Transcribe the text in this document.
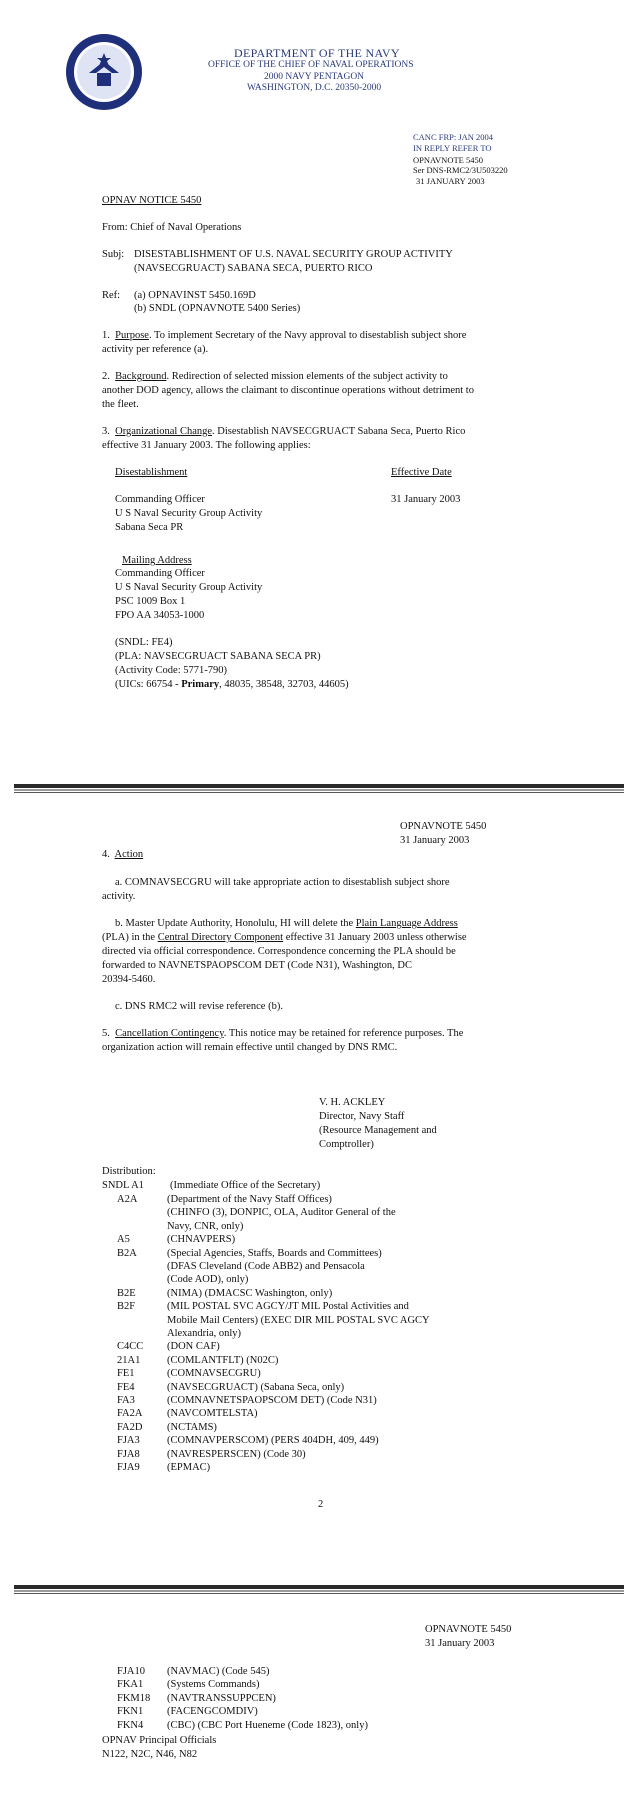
DEPARTMENT OF THE NAVY
OFFICE OF THE CHIEF OF NAVAL OPERATIONS
2000 NAVY PENTAGON
WASHINGTON, D.C. 20350-2000
CANC FRP: JAN 2004
IN REPLY REFER TO
OPNAVNOTE 5450
Ser DNS-RMC2/3U503220
31 JANUARY 2003
OPNAV NOTICE 5450
From: Chief of Naval Operations
Subj: DISESTABLISHMENT OF U.S. NAVAL SECURITY GROUP ACTIVITY
(NAVSECGRUACT) SABANA SECA, PUERTO RICO
Ref: (a) OPNAVINST 5450.169D
(b) SNDL (OPNAVNOTE 5400 Series)
1. Purpose. To implement Secretary of the Navy approval to disestablish subject shore
activity per reference (a).
2. Background. Redirection of selected mission elements of the subject activity to
another DOD agency, allows the claimant to discontinue operations without detriment to
the fleet.
3. Organizational Change. Disestablish NAVSECGRUACT Sabana Seca, Puerto Rico
effective 31 January 2003. The following applies:
Disestablishment	Effective Date
Commanding Officer
U S Naval Security Group Activity
Sabana Seca PR
31 January 2003
Mailing Address
Commanding Officer
U S Naval Security Group Activity
PSC 1009 Box 1
FPO AA 34053-1000
(SNDL: FE4)
(PLA: NAVSECGRUACT SABANA SECA PR)
(Activity Code: 5771-790)
(UICs: 66754 - Primary, 48035, 38548, 32703, 44605)
OPNAVNOTE 5450
31 January 2003
4. Action
a. COMNAVSECGRU will take appropriate action to disestablish subject shore
activity.
b. Master Update Authority, Honolulu, HI will delete the Plain Language Address
(PLA) in the Central Directory Component effective 31 January 2003 unless otherwise
directed via official correspondence. Correspondence concerning the PLA should be
forwarded to NAVNETSPAOPSCOM DET (Code N31), Washington, DC
20394-5460.
c. DNS RMC2 will revise reference (b).
5. Cancellation Contingency. This notice may be retained for reference purposes. The
organization action will remain effective until changed by DNS RMC.
V. H. ACKLEY
Director, Navy Staff
(Resource Management and
Comptroller)
Distribution:
SNDL A1 (Immediate Office of the Secretary)
A2A	(Department of the Navy Staff Offices)
(CHINFO (3), DONPIC, OLA, Auditor General of the
Navy, CNR, only)
A5	(CHNAVPERS)
B2A	(Special Agencies, Staffs, Boards and Committees)
(DFAS Cleveland (Code ABB2) and Pensacola
(Code AOD), only)
B2E	(NIMA) (DMACSC Washington, only)
B2F	(MIL POSTAL SVC AGCY/JT MIL Postal Activities and
Mobile Mail Centers) (EXEC DIR MIL POSTAL SVC AGCY
Alexandria, only)
C4CC (DON CAF)
21A1	(COMLANTFLT) (N02C)
FE1	(COMNAVSECGRU)
FE4	(NAVSECGRUACT) (Sabana Seca, only)
FA3	(COMNAVNETSPAOPSCOM DET) (Code N31)
FA2A (NAVCOMTELSTA)
FA2D (NCTAMS)
FJA3	(COMNAVPERSCOM) (PERS 404DH, 409, 449)
FJA8	(NAVRESPERSCEN) (Code 30)
FJA9	(EPMAC)
2
OPNAVNOTE 5450
31 January 2003
FJA10 (NAVMAC) (Code 545)
FKA1 (Systems Commands)
FKM18 (NAVTRANSSUPPCEN)
FKN1 (FACENGCOMDIV)
FKN4 (CBC) (CBC Port Hueneme (Code 1823), only)
OPNAV Principal Officials
N122, N2C, N46, N82
